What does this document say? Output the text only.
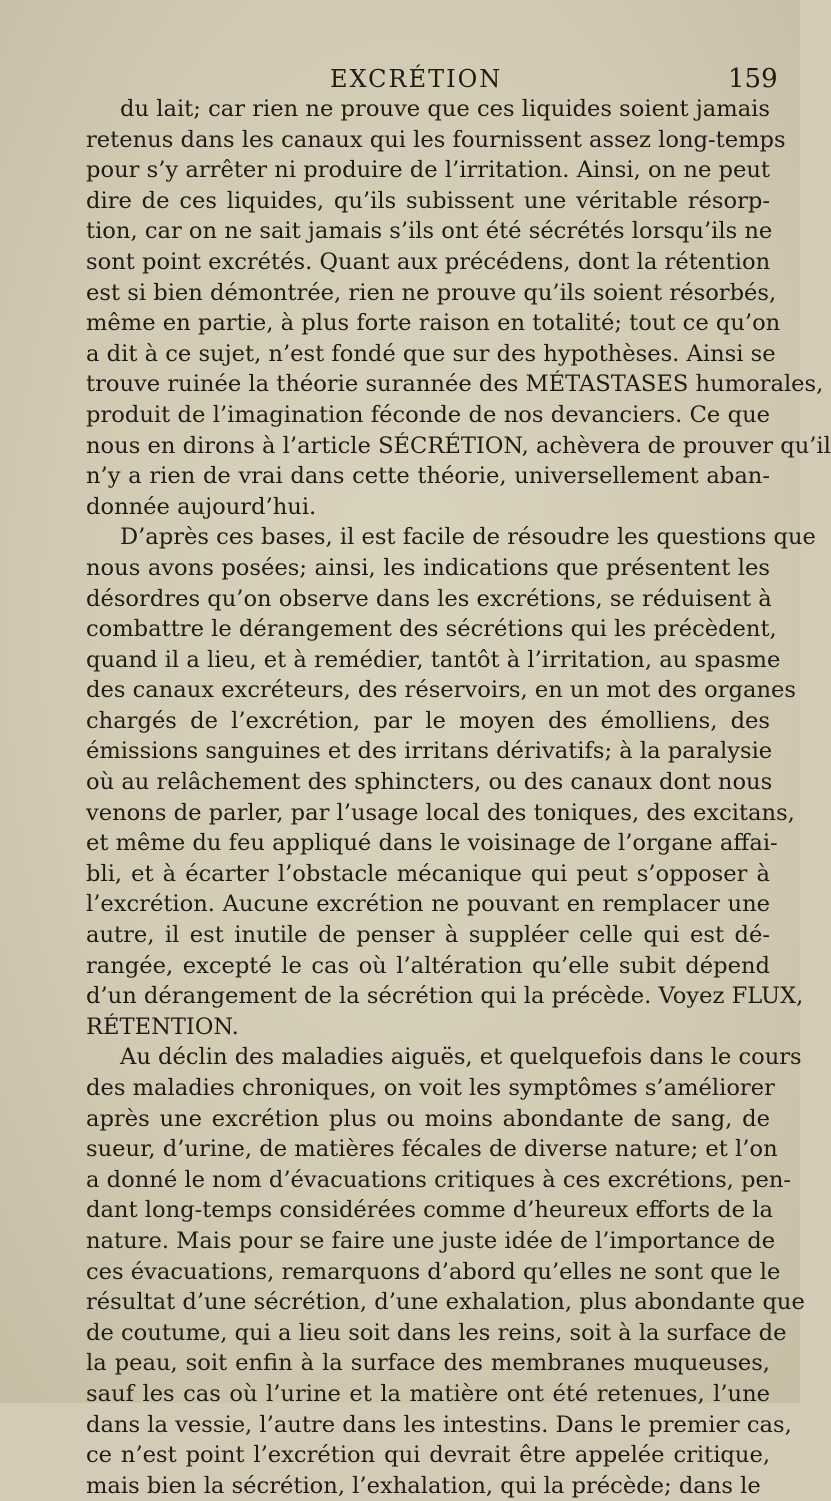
EXCRÉTION	159
du lait; car rien ne prouve que ces liquides soient jamais
retenus dans les canaux qui les fournissent assez long-temps
pour s’y arrêter ni produire de l’irritation. Ainsi, on ne peut
dire de ces liquides, qu’ils subissent une véritable résorp-
tion, car on ne sait jamais s’ils ont été sécrétés lorsqu’ils ne
sont point excrétés. Quant aux précédens, dont la rétention
est si bien démontrée, rien ne prouve qu’ils soient résorbés,
même en partie, à plus forte raison en totalité; tout ce qu’on
a dit à ce sujet, n’est fondé que sur des hypothèses. Ainsi se
trouve ruinée la théorie surannée des MÉTASTASES humorales,
produit de l’imagination féconde de nos devanciers. Ce que
nous en dirons à l’article SÉCRÉTION, achèvera de prouver qu’il
n’y a rien de vrai dans cette théorie, universellement aban-
donnée aujourd’hui.
D’après ces bases, il est facile de résoudre les questions que
nous avons posées; ainsi, les indications que présentent les
désordres qu’on observe dans les excrétions, se réduisent à
combattre le dérangement des sécrétions qui les précèdent,
quand il a lieu, et à remédier, tantôt à l’irritation, au spasme
des canaux excréteurs, des réservoirs, en un mot des organes
chargés de l’excrétion, par le moyen des émolliens, des
émissions sanguines et des irritans dérivatifs; à la paralysie
où au relâchement des sphincters, ou des canaux dont nous
venons de parler, par l’usage local des toniques, des excitans,
et même du feu appliqué dans le voisinage de l’organe affai-
bli, et à écarter l’obstacle mécanique qui peut s’opposer à
l’excrétion. Aucune excrétion ne pouvant en remplacer une
autre, il est inutile de penser à suppléer celle qui est dé-
rangée, excepté le cas où l’altération qu’elle subit dépend
d’un dérangement de la sécrétion qui la précède. Voyez FLUX,
RÉTENTION.
Au déclin des maladies aiguës, et quelquefois dans le cours
des maladies chroniques, on voit les symptômes s’améliorer
après une excrétion plus ou moins abondante de sang, de
sueur, d’urine, de matières fécales de diverse nature; et l’on
a donné le nom d’évacuations critiques à ces excrétions, pen-
dant long-temps considérées comme d’heureux efforts de la
nature. Mais pour se faire une juste idée de l’importance de
ces évacuations, remarquons d’abord qu’elles ne sont que le
résultat d’une sécrétion, d’une exhalation, plus abondante que
de coutume, qui a lieu soit dans les reins, soit à la surface de
la peau, soit enfin à la surface des membranes muqueuses,
sauf les cas où l’urine et la matière ont été retenues, l’une
dans la vessie, l’autre dans les intestins. Dans le premier cas,
ce n’est point l’excrétion qui devrait être appelée critique,
mais bien la sécrétion, l’exhalation, qui la précède; dans le
